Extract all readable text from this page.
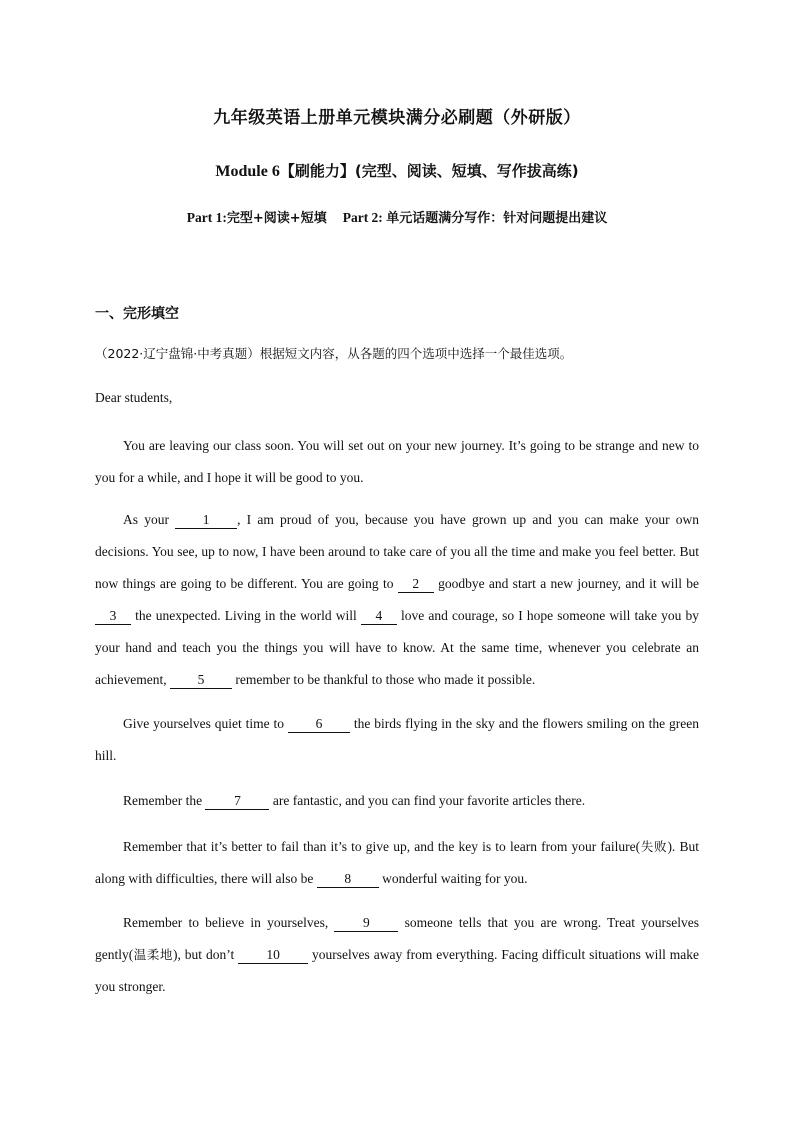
九年级英语上册单元模块满分必刷题（外研版）
Module 6【刷能力】(完型、阅读、短填、写作拔高练)
Part 1:完型+阅读+短填 Part 2: 单元话题满分写作：针对问题提出建议
一、完形填空
（2022·辽宁盘锦·中考真题）根据短文内容，从各题的四个选项中选择一个最佳选项。
Dear students,
You are leaving our class soon. You will set out on your new journey. It’s going to be strange and new to you for a while, and I hope it will be good to you.
As your 1 , I am proud of you, because you have grown up and you can make your own decisions. You see, up to now, I have been around to take care of you all the time and make you feel better. But now things are going to be different. You are going to 2 goodbye and start a new journey, and it will be 3 the unexpected. Living in the world will 4 love and courage, so I hope someone will take you by your hand and teach you the things you will have to know. At the same time, whenever you celebrate an achievement, 5 remember to be thankful to those who made it possible.
Give yourselves quiet time to 6 the birds flying in the sky and the flowers smiling on the green hill.
Remember the 7 are fantastic, and you can find your favorite articles there.
Remember that it’s better to fail than it’s to give up, and the key is to learn from your failure(失败). But along with difficulties, there will also be 8 wonderful waiting for you.
Remember to believe in yourselves, 9 someone tells that you are wrong. Treat yourselves gently(温柔地), but don’t 10 yourselves away from everything. Facing difficult situations will make you stronger.
